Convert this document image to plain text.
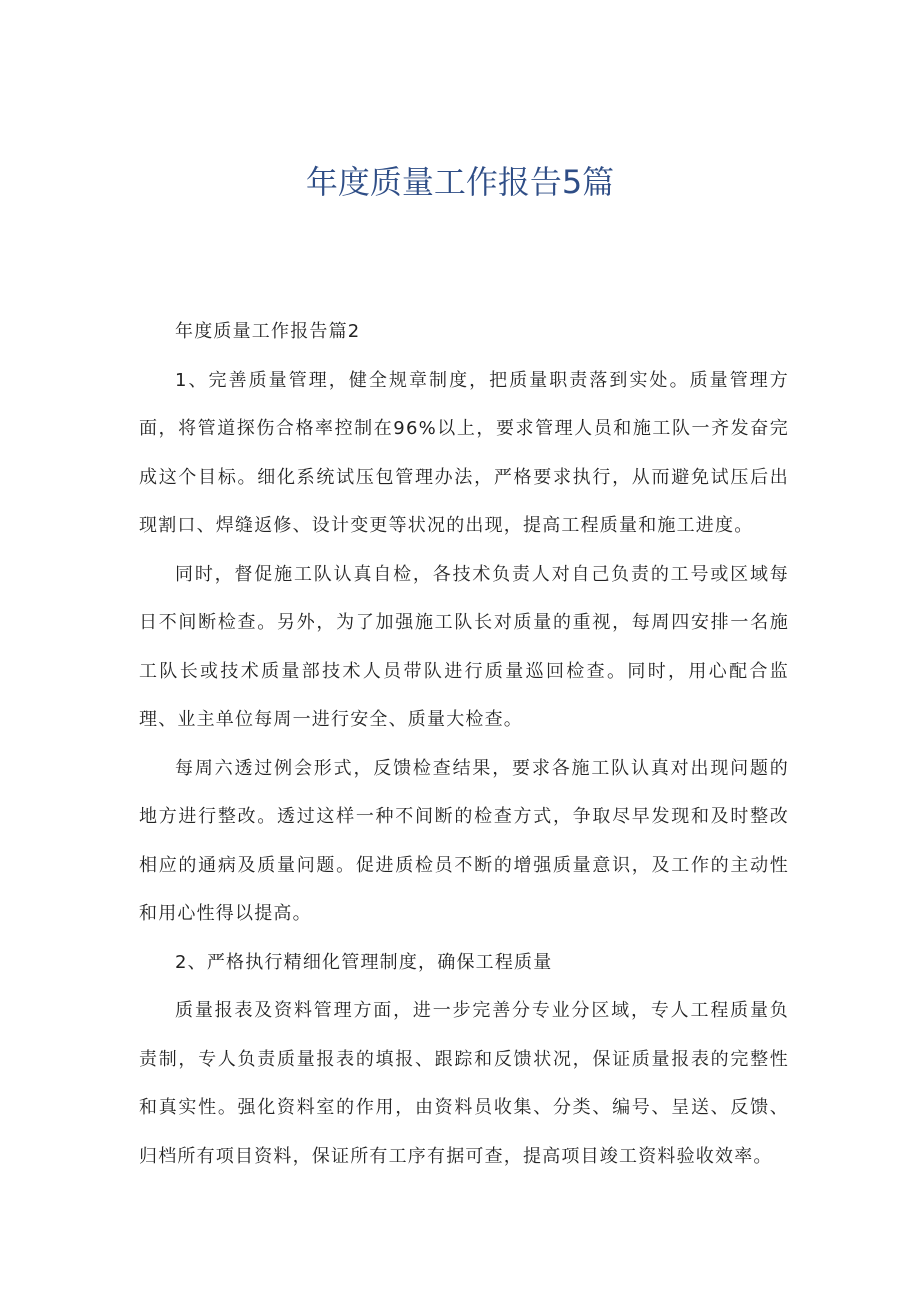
年度质量工作报告5篇

年度质量工作报告篇2

1、完善质量管理，健全规章制度，把质量职责落到实处。质量管理方面，将管道探伤合格率控制在96%以上，要求管理人员和施工队一齐发奋完成这个目标。细化系统试压包管理办法，严格要求执行，从而避免试压后出现割口、焊缝返修、设计变更等状况的出现，提高工程质量和施工进度。

同时，督促施工队认真自检，各技术负责人对自己负责的工号或区域每日不间断检查。另外，为了加强施工队长对质量的重视，每周四安排一名施工队长或技术质量部技术人员带队进行质量巡回检查。同时，用心配合监理、业主单位每周一进行安全、质量大检查。

每周六透过例会形式，反馈检查结果，要求各施工队认真对出现问题的地方进行整改。透过这样一种不间断的检查方式，争取尽早发现和及时整改相应的通病及质量问题。促进质检员不断的增强质量意识，及工作的主动性和用心性得以提高。

2、严格执行精细化管理制度，确保工程质量

质量报表及资料管理方面，进一步完善分专业分区域，专人工程质量负责制，专人负责质量报表的填报、跟踪和反馈状况，保证质量报表的完整性和真实性。强化资料室的作用，由资料员收集、分类、编号、呈送、反馈、归档所有项目资料，保证所有工序有据可查，提高项目竣工资料验收效率。
